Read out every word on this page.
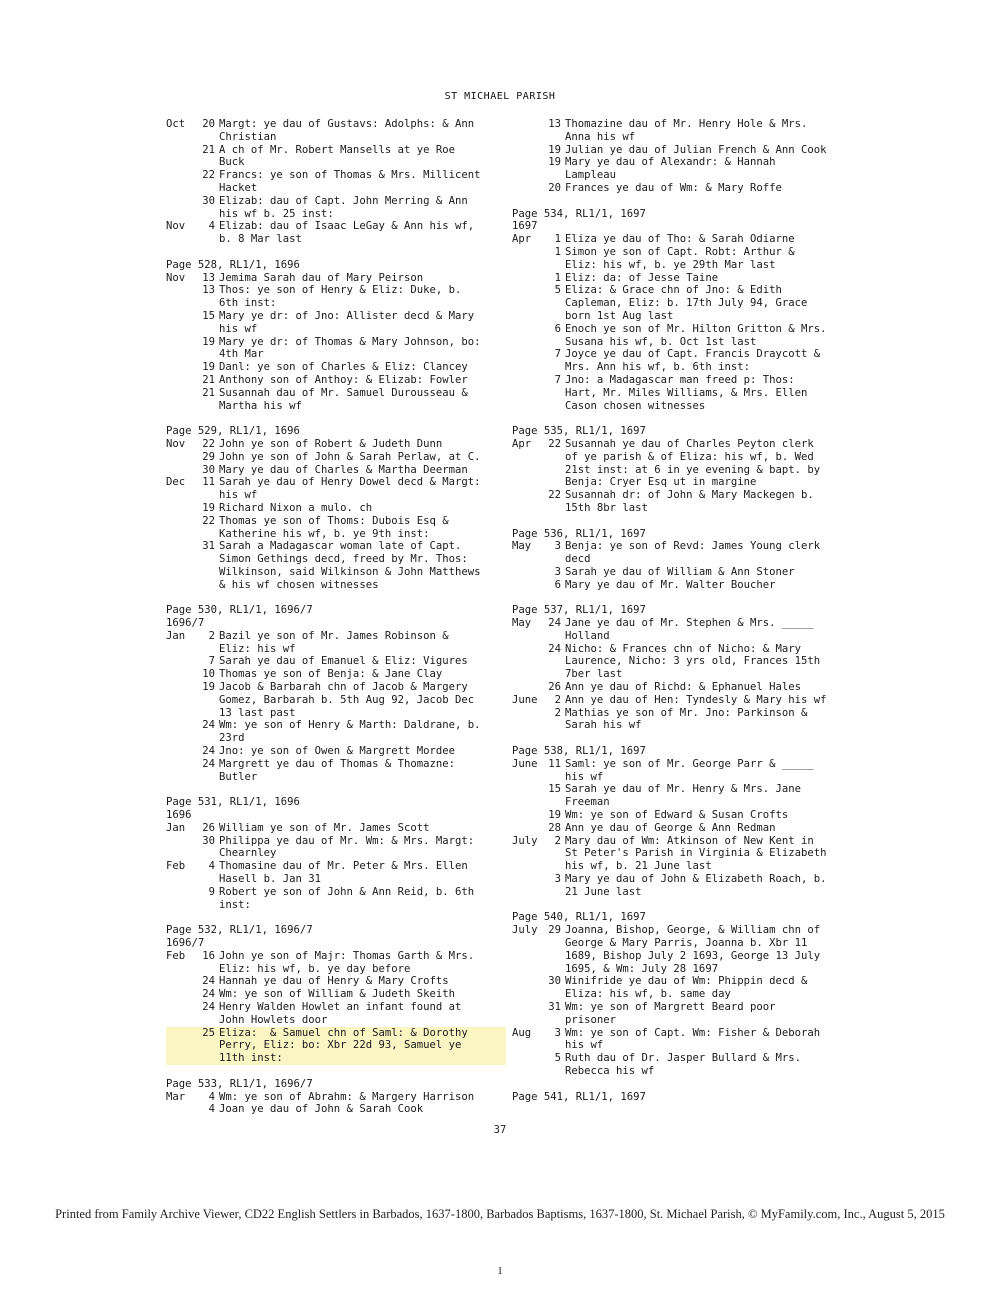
ST MICHAEL PARISH
Oct	20 Margt: ye dau of Gustavs: Adolphs: & Ann
Christian
21 A ch of Mr. Robert Mansells at ye Roe
Buck
22 Francs: ye son of Thomas & Mrs. Millicent
Hacket
30 Elizab: dau of Capt. John Merring & Ann
his wf b. 25 inst:
Nov	4 Elizab: dau of Isaac LeGay & Ann his wf,
b. 8 Mar last
Page 528, RL1/1, 1696
Nov	13 Jemima Sarah dau of Mary Peirson
13 Thos: ye son of Henry & Eliz: Duke, b.
6th inst:
15 Mary ye dr: of Jno: Allister decd & Mary
his wf
19 Mary ye dr: of Thomas & Mary Johnson, bo:
4th Mar
19 Danl: ye son of Charles & Eliz: Clancey
21 Anthony son of Anthoy: & Elizab: Fowler
21 Susannah dau of Mr. Samuel Durousseau &
Martha his wf
Page 529, RL1/1, 1696
Nov	22 John ye son of Robert & Judeth Dunn
29 John ye son of John & Sarah Perlaw, at C.
30 Mary ye dau of Charles & Martha Deerman
Dec	11 Sarah ye dau of Henry Dowel decd & Margt:
his wf
19 Richard Nixon a mulo. ch
22 Thomas ye son of Thoms: Dubois Esq &
Katherine his wf, b. ye 9th inst:
31 Sarah a Madagascar woman late of Capt.
Simon Gethings decd, freed by Mr. Thos:
Wilkinson, said Wilkinson & John Matthews
& his wf chosen witnesses
Page 530, RL1/1, 1696/7
1696/7
Jan	2 Bazil ye son of Mr. James Robinson &
Eliz: his wf
7 Sarah ye dau of Emanuel & Eliz: Vigures
10 Thomas ye son of Benja: & Jane Clay
19 Jacob & Barbarah chn of Jacob & Margery
Gomez, Barbarah b. 5th Aug 92, Jacob Dec
13 last past
24 Wm: ye son of Henry & Marth: Daldrane, b.
23rd
24 Jno: ye son of Owen & Margrett Mordee
24 Margrett ye dau of Thomas & Thomazne:
Butler
Page 531, RL1/1, 1696
1696
Jan	26 William ye son of Mr. James Scott
30 Philippa ye dau of Mr. Wm: & Mrs. Margt:
Chearnley
Feb	4 Thomasine dau of Mr. Peter & Mrs. Ellen
Hasell b. Jan 31
9 Robert ye son of John & Ann Reid, b. 6th
inst:
Page 532, RL1/1, 1696/7
1696/7
Feb	16 John ye son of Majr: Thomas Garth & Mrs.
Eliz: his wf, b. ye day before
24 Hannah ye dau of Henry & Mary Crofts
24 Wm: ye son of William & Judeth Skeith
24 Henry Walden Howlet an infant found at
John Howlets door
25 Eliza:  & Samuel chn of Saml: & Dorothy
Perry, Eliz: bo: Xbr 22d 93, Samuel ye
11th inst:
Page 533, RL1/1, 1696/7
Mar	4 Wm: ye son of Abrahm: & Margery Harrison
4 Joan ye dau of John & Sarah Cook
13 Thomazine dau of Mr. Henry Hole & Mrs.
Anna his wf
19 Julian ye dau of Julian French & Ann Cook
19 Mary ye dau of Alexandr: & Hannah
Lampleau
20 Frances ye dau of Wm: & Mary Roffe
Page 534, RL1/1, 1697
1697
Apr	1 Eliza ye dau of Tho: & Sarah Odiarne
1 Simon ye son of Capt. Robt: Arthur &
Eliz: his wf, b. ye 29th Mar last
1 Eliz: da: of Jesse Taine
5 Eliza: & Grace chn of Jno: & Edith
Capleman, Eliz: b. 17th July 94, Grace
born 1st Aug last
6 Enoch ye son of Mr. Hilton Gritton & Mrs.
Susana his wf, b. Oct 1st last
7 Joyce ye dau of Capt. Francis Draycott &
Mrs. Ann his wf, b. 6th inst:
7 Jno: a Madagascar man freed p: Thos:
Hart, Mr. Miles Williams, & Mrs. Ellen
Cason chosen witnesses
Page 535, RL1/1, 1697
Apr	22 Susannah ye dau of Charles Peyton clerk
of ye parish & of Eliza: his wf, b. Wed
21st inst: at 6 in ye evening & bapt. by
Benja: Cryer Esq ut in margine
22 Susannah dr: of John & Mary Mackegen b.
15th 8br last
Page 536, RL1/1, 1697
May	3 Benja: ye son of Revd: James Young clerk
decd
3 Sarah ye dau of William & Ann Stoner
6 Mary ye dau of Mr. Walter Boucher
Page 537, RL1/1, 1697
May	24 Jane ye dau of Mr. Stephen & Mrs. _____
Holland
24 Nicho: & Frances chn of Nicho: & Mary
Laurence, Nicho: 3 yrs old, Frances 15th
7ber last
26 Ann ye dau of Richd: & Ephanuel Hales
June	2 Ann ye dau of Hen: Tyndesly & Mary his wf
2 Mathias ye son of Mr. Jno: Parkinson &
Sarah his wf
Page 538, RL1/1, 1697
June	11 Saml: ye son of Mr. George Parr & _____
his wf
15 Sarah ye dau of Mr. Henry & Mrs. Jane
Freeman
19 Wm: ye son of Edward & Susan Crofts
28 Ann ye dau of George & Ann Redman
July	2 Mary dau of Wm: Atkinson of New Kent in
St Peter's Parish in Virginia & Elizabeth
his wf, b. 21 June last
3 Mary ye dau of John & Elizabeth Roach, b.
21 June last
Page 540, RL1/1, 1697
July	29 Joanna, Bishop, George, & William chn of
George & Mary Parris, Joanna b. Xbr 11
1689, Bishop July 2 1693, George 13 July
1695, & Wm: July 28 1697
30 Winifride ye dau of Wm: Phippin decd &
Eliza: his wf, b. same day
31 Wm: ye son of Margrett Beard poor
prisoner
Aug	3 Wm: ye son of Capt. Wm: Fisher & Deborah
his wf
5 Ruth dau of Dr. Jasper Bullard & Mrs.
Rebecca his wf
Page 541, RL1/1, 1697
37
Printed from Family Archive Viewer, CD22 English Settlers in Barbados, 1637-1800, Barbados Baptisms, 1637-1800, St. Michael Parish, © MyFamily.com, Inc., August 5, 2015
1
